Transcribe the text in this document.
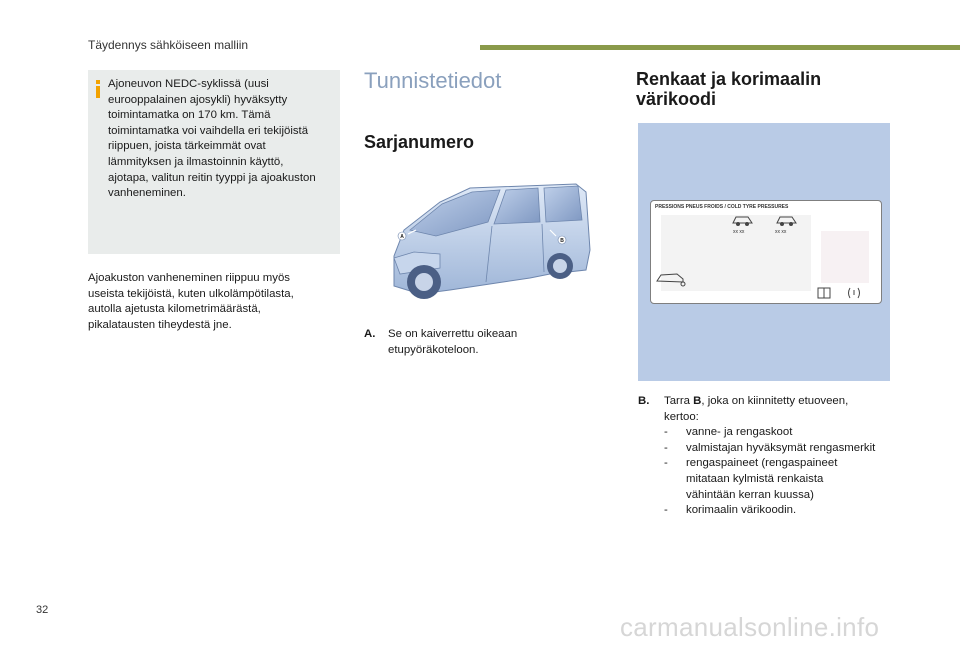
Täydennys sähköiseen malliin
Ajoneuvon NEDC-syklissä (uusi
eurooppalainen ajosykli) hyväksytty
toimintamatka on 170 km. Tämä
toimintamatka voi vaihdella eri tekijöistä
riippuen, joista tärkeimmät ovat
lämmityksen ja ilmastoinnin käyttö,
ajotapa, valitun reitin tyyppi ja ajoakuston
vanheneminen.
Ajoakuston vanheneminen riippuu myös
useista tekijöistä, kuten ulkolämpötilasta,
autolla ajetusta kilometrimäärästä,
pikalatausten tiheydestä jne.
Tunnistetiedot
Sarjanumero
A
B
A. Se on kaiverrettu oikeaan
etupyöräkoteloon.
Renkaat ja korimaalin
värikoodi
PRESSIONS PNEUS FROIDS / COLD TYRE PRESSURES
xx xx	xx xx
B. Tarra B, joka on kiinnitetty etuoveen,
kertoo:
-	vanne- ja rengaskoot
-	valmistajan hyväksymät rengasmerkit
-	rengaspaineet (rengaspaineet
mitataan kylmistä renkaista
vähintään kerran kuussa)
-	korimaalin värikoodin.
32
carmanualsonline.info
